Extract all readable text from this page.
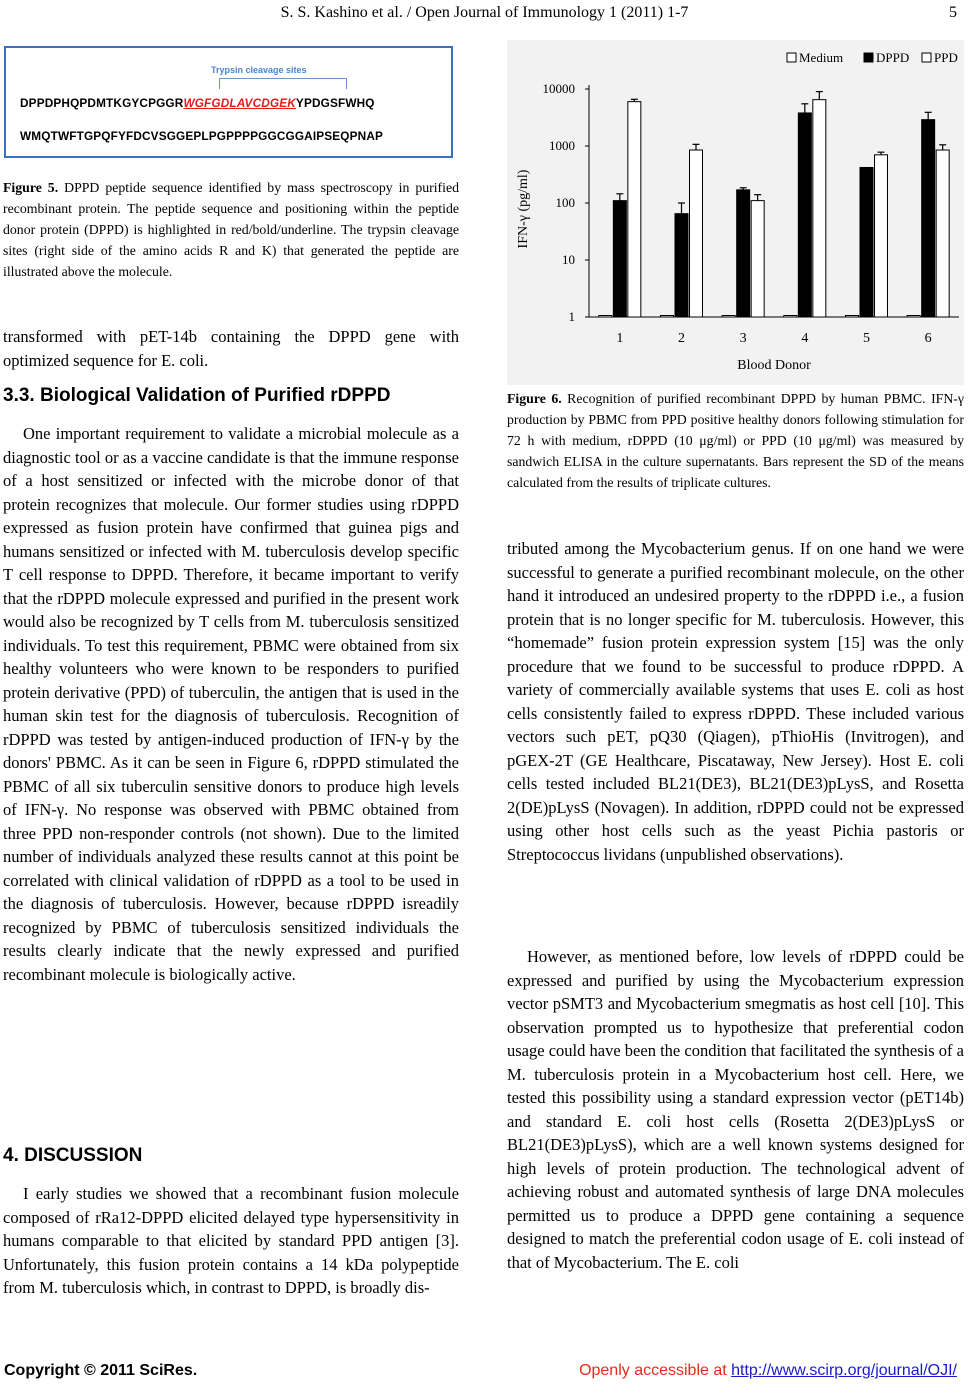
S. S. Kashino et al. / Open Journal of Immunology 1 (2011) 1-7	5
Trypsin cleavage sites
DPPDPHQPDMTKGYCPGGRWGFGDLAVCDGEKYPDGSFWHQ
WMQTWFTGPQFYFDCVSGGEPLPGPPPPGGCGGAIPSEQPNAP

Figure 5. DPPD peptide sequence identified by mass spectroscopy in purified recombinant protein. The peptide sequence and positioning within the peptide donor protein (DPPD) is highlighted in red/bold/underline. The trypsin cleavage sites (right side of the amino acids R and K) that generated the peptide are illustrated above the molecule.

transformed with pET-14b containing the DPPD gene with optimized sequence for E. coli.

3.3. Biological Validation of Purified rDPPD

One important requirement to validate a microbial molecule as a diagnostic tool or as a vaccine candidate is that the immune response of a host sensitized or infected with the microbe donor of that protein recognizes that molecule. Our former studies using rDPPD expressed as fusion protein have confirmed that guinea pigs and humans sensitized or infected with M. tuberculosis develop specific T cell response to DPPD. Therefore, it became important to verify that the rDPPD molecule expressed and purified in the present work would also be recognized by T cells from M. tuberculosis sensitized individuals. To test this requirement, PBMC were obtained from six healthy volunteers who were known to be responders to purified protein derivative (PPD) of tuberculin, the antigen that is used in the human skin test for the diagnosis of tuberculosis. Recognition of rDPPD was tested by antigen-induced production of IFN-γ by the donors' PBMC. As it can be seen in Figure 6, rDPPD stimulated the PBMC of all six tuberculin sensitive donors to produce high levels of IFN-γ. No response was observed with PBMC obtained from three PPD non-responder controls (not shown). Due to the limited number of individuals analyzed these results cannot at this point be correlated with clinical validation of rDPPD as a tool to be used in the diagnosis of tuberculosis. However, because rDPPD isreadily recognized by PBMC of tuberculosis sensitized individuals the results clearly indicate that the newly expressed and purified recombinant molecule is biologically active.

4. DISCUSSION

I early studies we showed that a recombinant fusion molecule composed of rRa12-DPPD elicited delayed type hypersensitivity in humans comparable to that elicited by standard PPD antigen [3]. Unfortunately, this fusion protein contains a 14 kDa polypeptide from M. tuberculosis which, in contrast to DPPD, is broadly dis-

1
10
100
1000
10000
IFN-γ (pg/ml)
1	2	3	4	5	6
Blood Donor
Medium	DPPD PPD

Figure 6. Recognition of purified recombinant DPPD by human PBMC. IFN-γ production by PBMC from PPD positive healthy donors following stimulation for 72 h with medium, rDPPD (10 μg/ml) or PPD (10 μg/ml) was measured by sandwich ELISA in the culture supernatants. Bars represent the SD of the means calculated from the results of triplicate cultures.

tributed among the Mycobacterium genus. If on one hand we were successful to generate a purified recombinant molecule, on the other hand it introduced an undesired property to the rDPPD i.e., a fusion protein that is no longer specific for M. tuberculosis. However, this “homemade” fusion protein expression system [15] was the only procedure that we found to be successful to produce rDPPD. A variety of commercially available systems that uses E. coli as host cells consistently failed to express rDPPD. These included various vectors such pET, pQ30 (Qiagen), pThioHis (Invitrogen), and pGEX-2T (GE Healthcare, Piscataway, New Jersey). Host E. coli cells tested included BL21(DE3), BL21(DE3)pLysS, and Rosetta 2(DE)pLysS (Novagen). In addition, rDPPD could not be expressed using other host cells such as the yeast Pichia pastoris or Streptococcus lividans (unpublished observations).

However, as mentioned before, low levels of rDPPD could be expressed and purified by using the Mycobacterium expression vector pSMT3 and Mycobacterium smegmatis as host cell [10]. This observation prompted us to hypothesize that preferential codon usage could have been the condition that facilitated the synthesis of a M. tuberculosis protein in a Mycobacterium host cell. Here, we tested this possibility using a standard expression vector (pET14b) and standard E. coli host cells (Rosetta 2(DE3)pLysS or BL21(DE3)pLysS), which are a well known systems designed for high levels of protein production. The technological advent of achieving robust and automated synthesis of large DNA molecules permitted us to produce a DPPD gene containing a sequence designed to match the preferential codon usage of E. coli instead of that of Mycobacterium. The E. coli

Copyright © 2011 SciRes.	Openly accessible at http://www.scirp.org/journal/OJI/
